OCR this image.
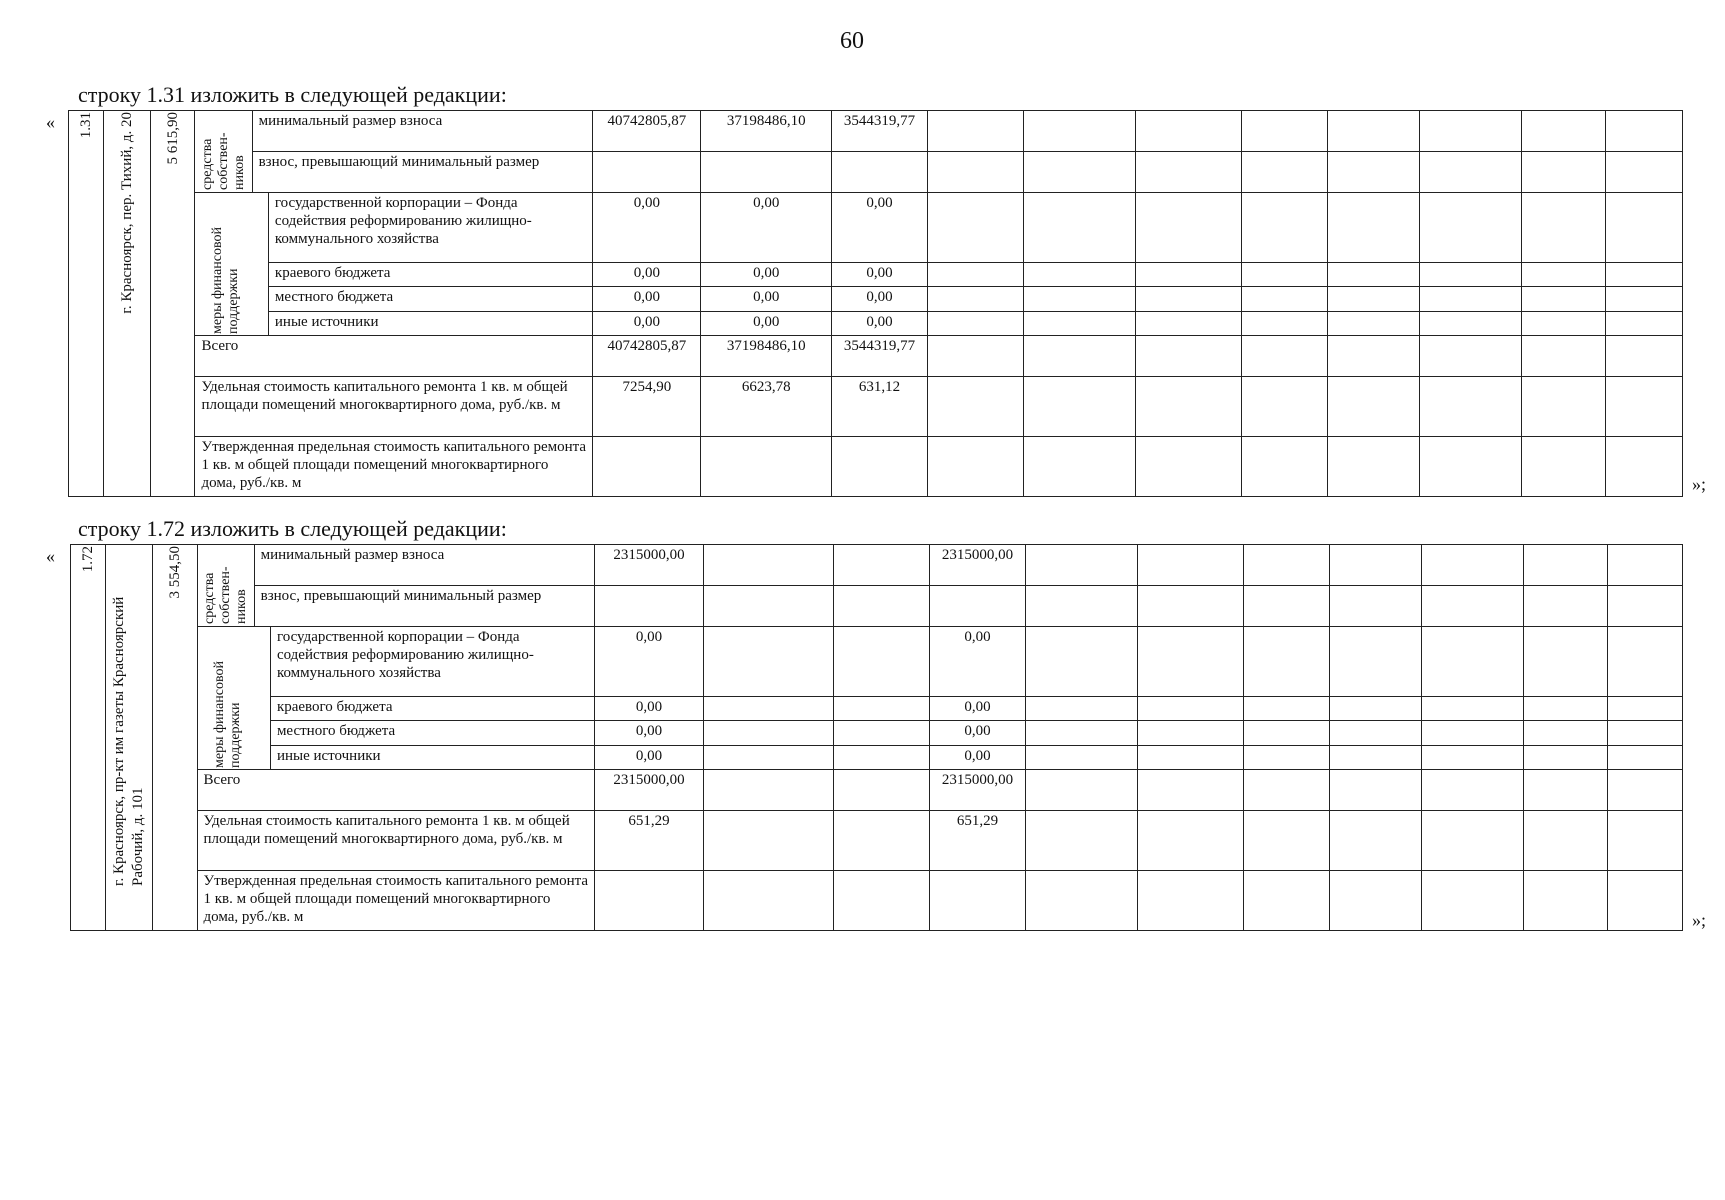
60
строку 1.31 изложить в следующей редакции:
«
»;
1.31	г. Красноярск, пер. Тихий, д. 20	5 615,90	средства собствен-ников	минимальный размер взноса		40742805,87	37198486,10	3544319,77								
				взнос, превышающий минимальный размер												

			меры финансовой поддержки		государственной корпорации – Фонда содействия реформированию жилищно-коммунального хозяйства	0,00	0,00	0,00								
					краевого бюджета	0,00	0,00	0,00								
					местного бюджета	0,00	0,00	0,00								
					иные источники	0,00	0,00	0,00								
			Всего			40742805,87	37198486,10	3544319,77								
			Удельная стоимость капитального ремонта 1 кв. м общей площади помещений многоквартирного дома, руб./кв. м			7254,90	6623,78	631,12								
			Утвержденная предельная стоимость капитального ремонта 1 кв. м общей площади помещений многоквартирного дома, руб./кв. м													
строку 1.72 изложить в следующей редакции:
«
»;
1.72	г. Красноярск, пр-кт им газеты Красноярский Рабочий, д. 101	3 554,50	средства собствен-ников	минимальный размер взноса		2315000,00			2315000,00							
				взнос, превышающий минимальный размер												

			меры финансовой поддержки		государственной корпорации – Фонда содействия реформированию жилищно-коммунального хозяйства	0,00			0,00							
					краевого бюджета	0,00			0,00							
					местного бюджета	0,00			0,00							
					иные источники	0,00			0,00							
			Всего			2315000,00			2315000,00							
			Удельная стоимость капитального ремонта 1 кв. м общей площади помещений многоквартирного дома, руб./кв. м			651,29			651,29							
			Утвержденная предельная стоимость капитального ремонта 1 кв. м общей площади помещений многоквартирного дома, руб./кв. м													
